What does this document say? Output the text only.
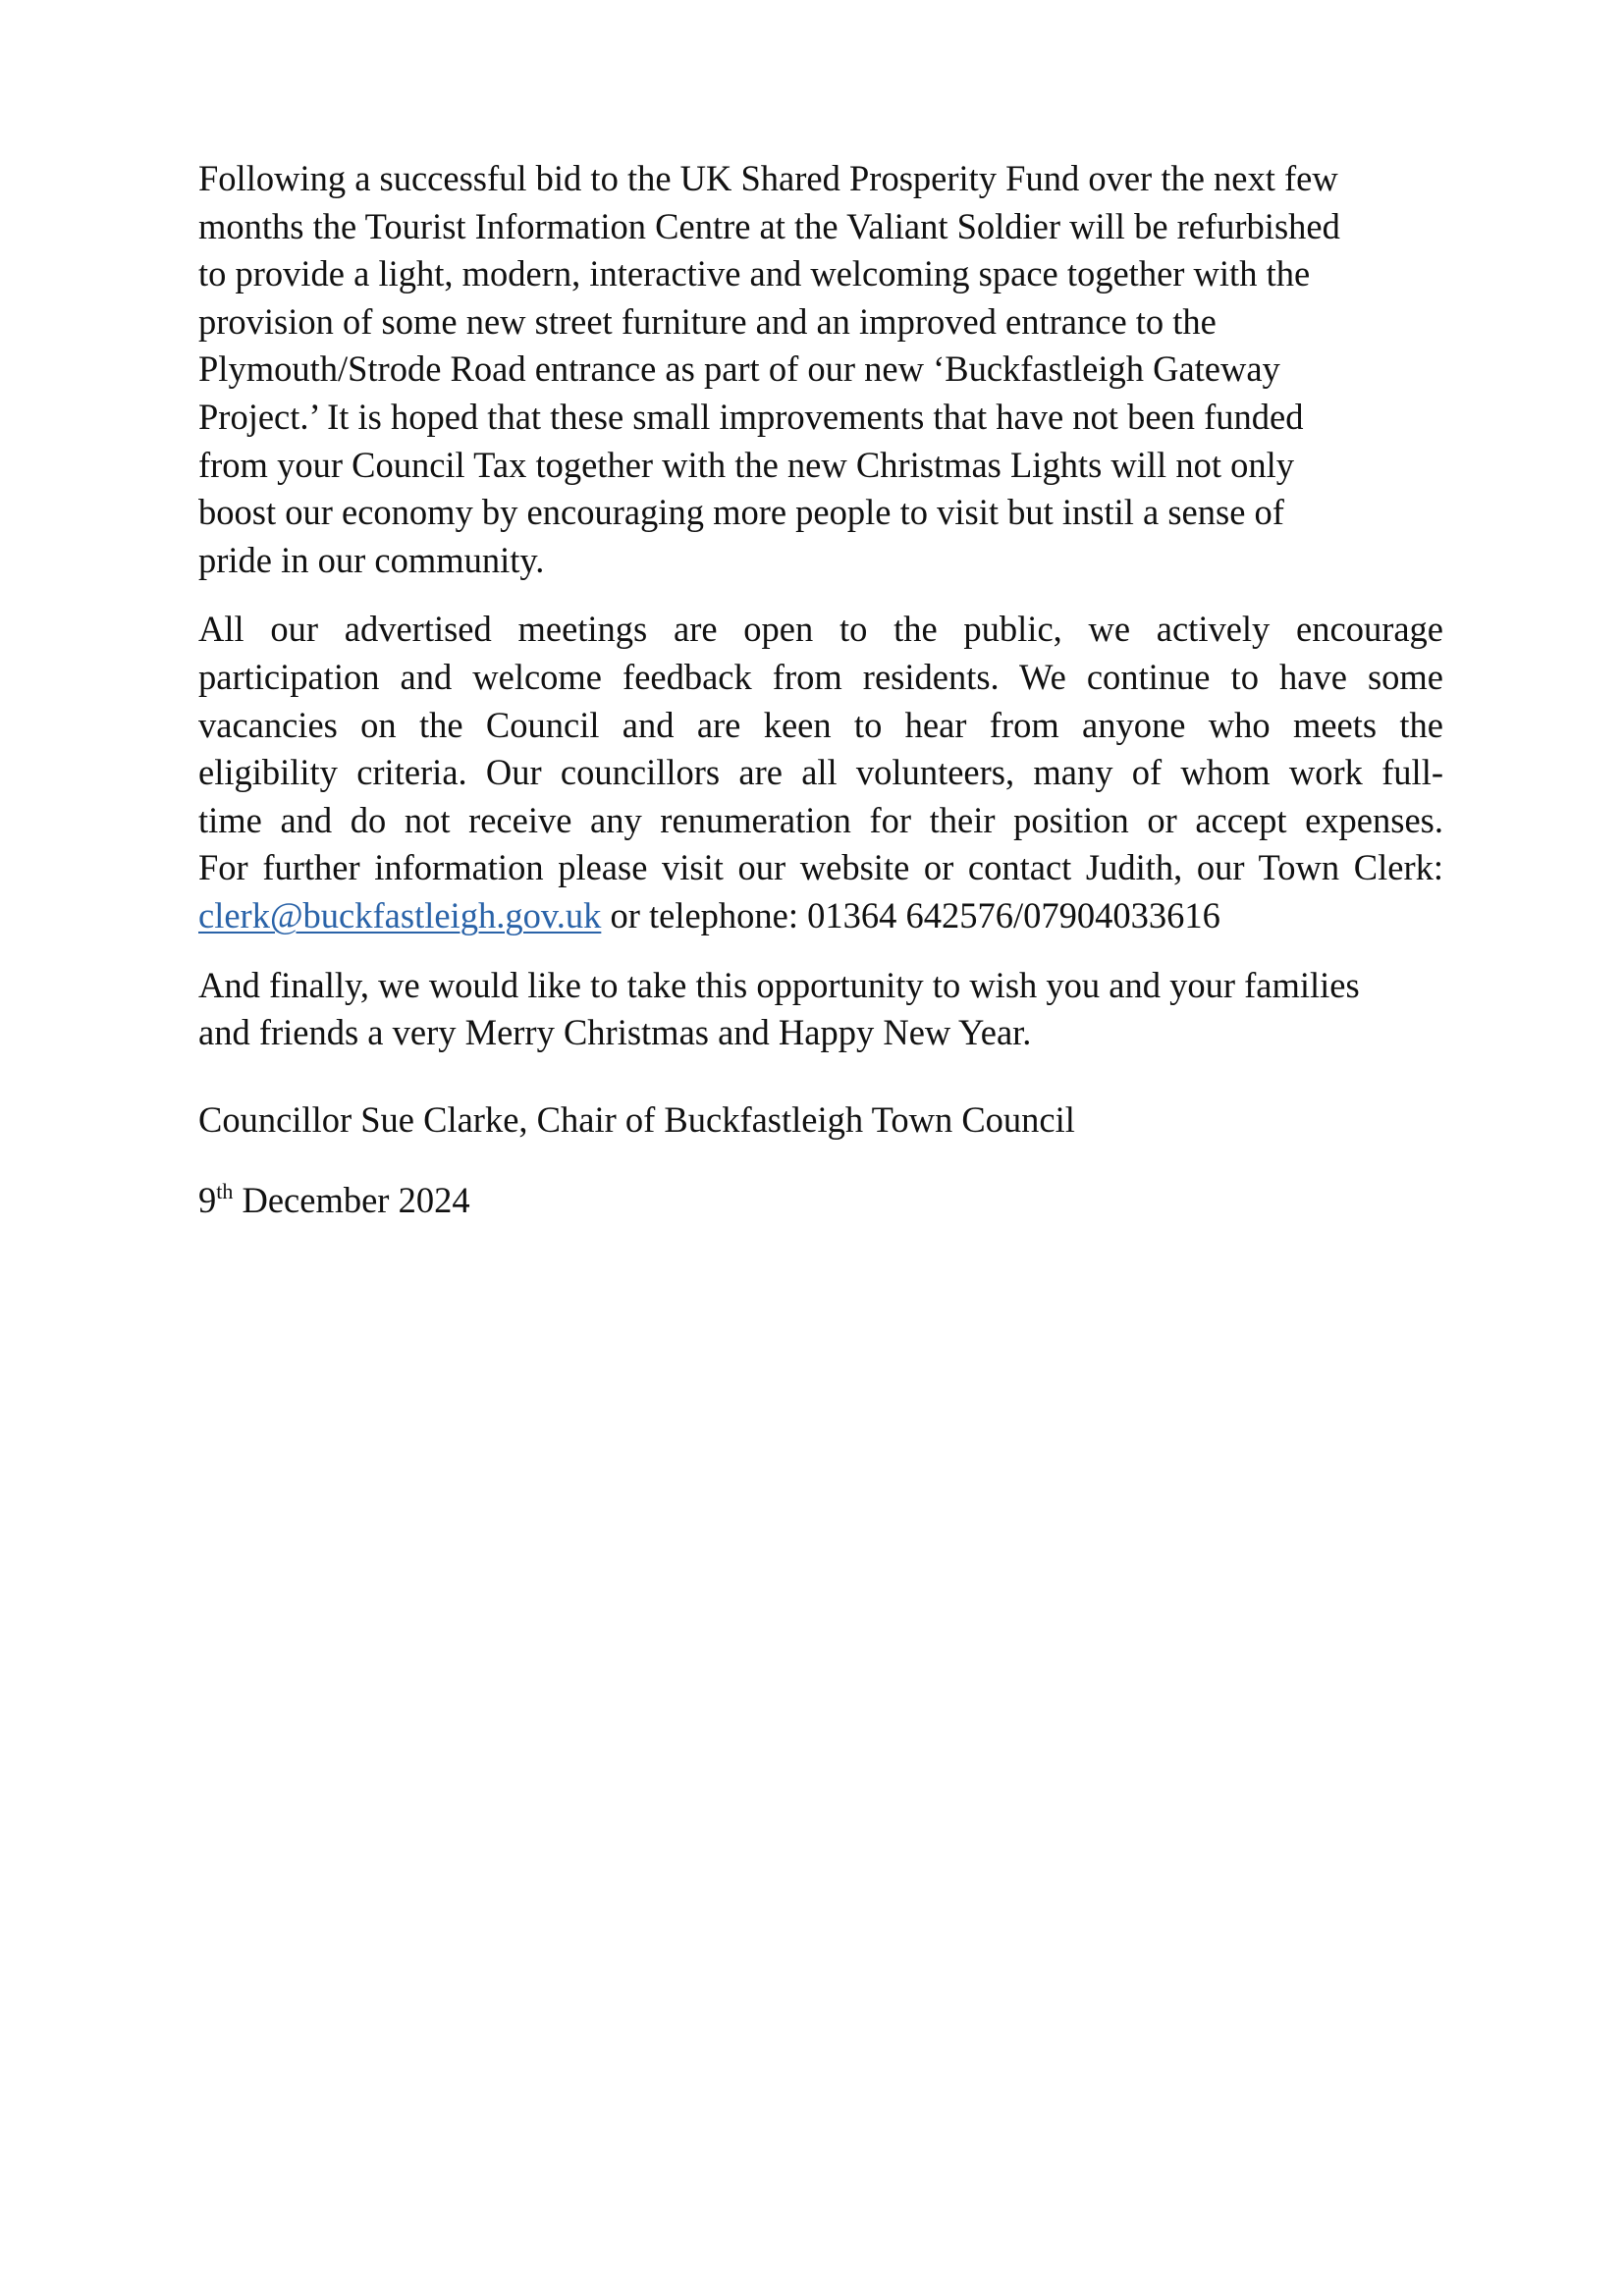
Following a successful bid to the UK Shared Prosperity Fund over the next few
months the Tourist Information Centre at the Valiant Soldier will be refurbished
to provide a light, modern, interactive and welcoming space together with the
provision of some new street furniture and an improved entrance to the
Plymouth/Strode Road entrance as part of our new ‘Buckfastleigh Gateway
Project.’ It is hoped that these small improvements that have not been funded
from your Council Tax together with the new Christmas Lights will not only
boost our economy by encouraging more people to visit but instil a sense of
pride in our community.

All our advertised meetings are open to the public, we actively encourage
participation and welcome feedback from residents. We continue to have some
vacancies on the Council and are keen to hear from anyone who meets the
eligibility criteria. Our councillors are all volunteers, many of whom work full-
time and do not receive any renumeration for their position or accept expenses.
For further information please visit our website or contact Judith, our Town Clerk:
clerk@buckfastleigh.gov.uk or telephone: 01364 642576/07904033616

And finally, we would like to take this opportunity to wish you and your families
and friends a very Merry Christmas and Happy New Year.

Councillor Sue Clarke, Chair of Buckfastleigh Town Council

9th December 2024
